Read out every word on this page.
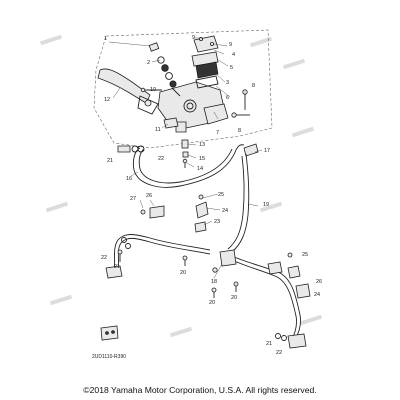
1
2
3
4
5
6
7
8
8
9
9
10
11
12
13
14
15
16
17
18
19
20
20
20
21
21
21
22
22
22
23
24
24
25
25
26
26
27
2UD1110-R390
©2018 Yamaha Motor Corporation, U.S.A. All rights reserved.
